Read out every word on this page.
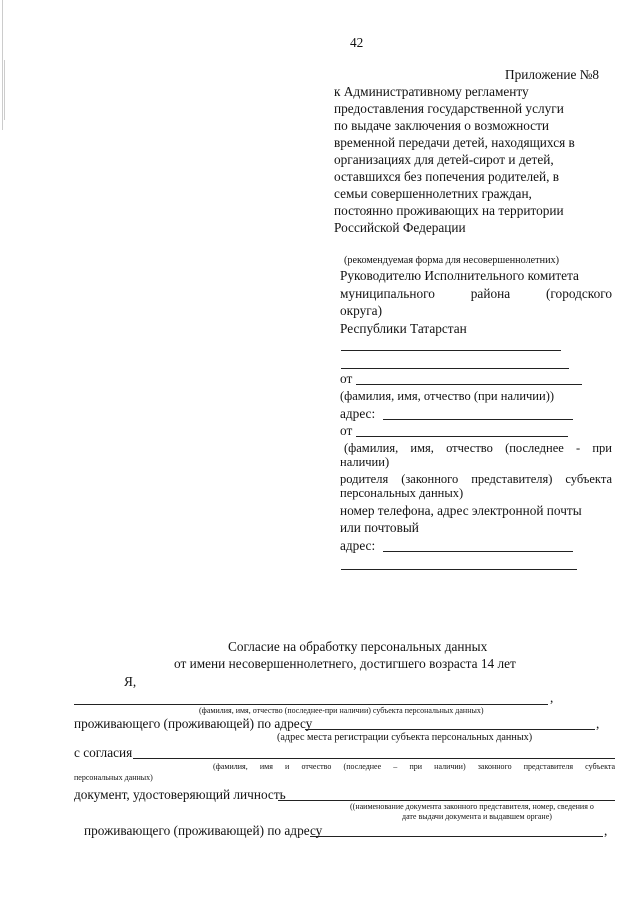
42
Приложение №8
к Административному регламенту
предоставления государственной услуги
по выдаче заключения о возможности
временной передачи детей, находящихся в
организациях для детей-сирот и детей,
оставшихся без попечения родителей, в
семьи совершеннолетних граждан,
постоянно проживающих на территории
Российской Федерации
(рекомендуемая форма для несовершеннолетних)
Руководителю Исполнительного комитета
муниципального района (городского
округа)
Республики Татарстан
от
(фамилия, имя, отчество (при наличии))
адрес:
от
(фамилия, имя, отчество (последнее - при
наличии)
родителя (законного представителя) субъекта
персональных данных)
номер телефона, адрес электронной почты
или почтовый
адрес:
Согласие на обработку персональных данных
от имени несовершеннолетнего, достигшего возраста 14 лет
Я,
,
(фамилия, имя, отчество (последнее-при наличии) субъекта персональных данных)
проживающего (проживающей) по адресу	,
(адрес места регистрации субъекта персональных данных)
с согласия
(фамилия, имя и отчество (последнее – при наличии) законного представителя субъекта
персональных данных)
документ, удостоверяющий личность
((наименование документа законного представителя, номер, сведения о
дате выдачи документа и выдавшем органе)
проживающего (проживающей) по адресу	,
